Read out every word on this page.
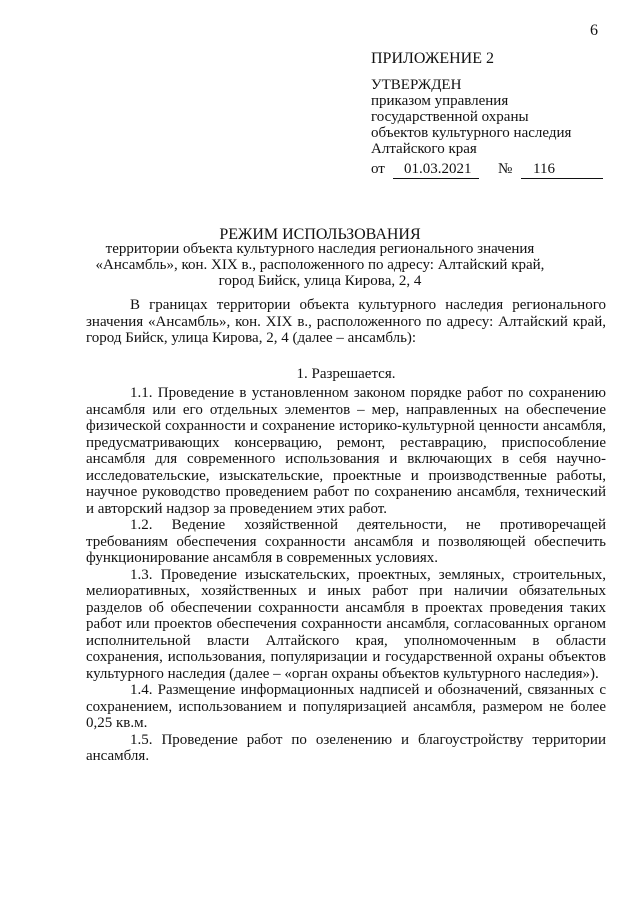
6
ПРИЛОЖЕНИЕ 2
УТВЕРЖДЕН
приказом управления
государственной охраны
объектов культурного наследия
Алтайского края
от 01.03.2021 № 116
РЕЖИМ ИСПОЛЬЗОВАНИЯ
территории объекта культурного наследия регионального значения
«Ансамбль», кон. XIX в., расположенного по адресу: Алтайский край,
город Бийск, улица Кирова, 2, 4

В границах территории объекта культурного наследия регионального значения «Ансамбль», кон. XIX в., расположенного по адресу: Алтайский край, город Бийск, улица Кирова, 2, 4 (далее – ансамбль):

1. Разрешается.

1.1. Проведение в установленном законом порядке работ по сохранению ансамбля или его отдельных элементов – мер, направленных на обеспечение физической сохранности и сохранение историко-культурной ценности ансамбля, предусматривающих консервацию, ремонт, реставрацию, приспособление ансамбля для современного использования и включающих в себя научно-исследовательские, изыскательские, проектные и производственные работы, научное руководство проведением работ по сохранению ансамбля, технический и авторский надзор за проведением этих работ.

1.2. Ведение хозяйственной деятельности, не противоречащей требованиям обеспечения сохранности ансамбля и позволяющей обеспечить функционирование ансамбля в современных условиях.

1.3. Проведение изыскательских, проектных, земляных, строительных, мелиоративных, хозяйственных и иных работ при наличии обязательных разделов об обеспечении сохранности ансамбля в проектах проведения таких работ или проектов обеспечения сохранности ансамбля, согласованных органом исполнительной власти Алтайского края, уполномоченным в области сохранения, использования, популяризации и государственной охраны объектов культурного наследия (далее – «орган охраны объектов культурного наследия»).

1.4. Размещение информационных надписей и обозначений, связанных с сохранением, использованием и популяризацией ансамбля, размером не более 0,25 кв.м.

1.5. Проведение работ по озеленению и благоустройству территории ансамбля.
